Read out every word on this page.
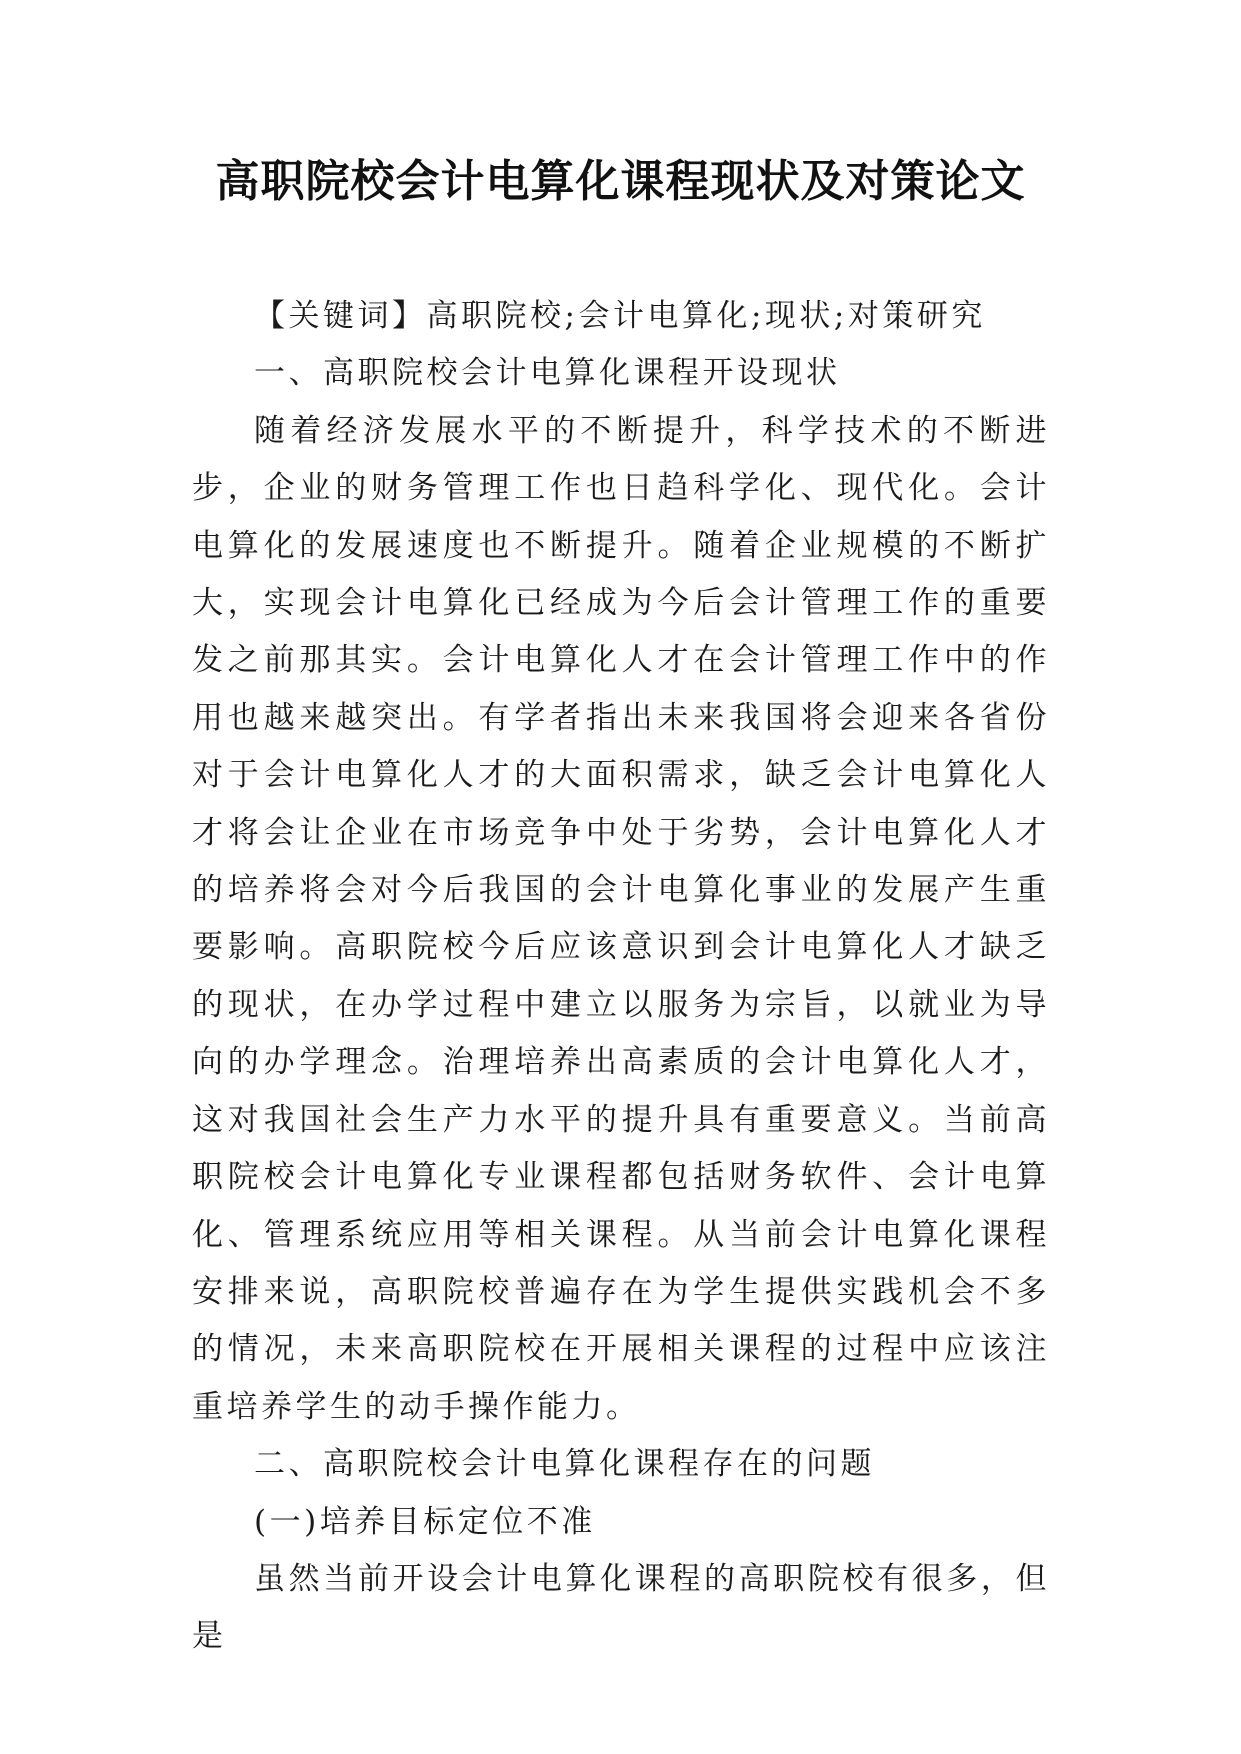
高职院校会计电算化课程现状及对策论文

【关键词】高职院校;会计电算化;现状;对策研究

一、高职院校会计电算化课程开设现状

随着经济发展水平的不断提升，科学技术的不断进步，企业的财务管理工作也日趋科学化、现代化。会计电算化的发展速度也不断提升。随着企业规模的不断扩大，实现会计电算化已经成为今后会计管理工作的重要发之前那其实。会计电算化人才在会计管理工作中的作用也越来越突出。有学者指出未来我国将会迎来各省份对于会计电算化人才的大面积需求，缺乏会计电算化人才将会让企业在市场竞争中处于劣势，会计电算化人才的培养将会对今后我国的会计电算化事业的发展产生重要影响。高职院校今后应该意识到会计电算化人才缺乏的现状，在办学过程中建立以服务为宗旨，以就业为导向的办学理念。治理培养出高素质的会计电算化人才，这对我国社会生产力水平的提升具有重要意义。当前高职院校会计电算化专业课程都包括财务软件、会计电算化、管理系统应用等相关课程。从当前会计电算化课程安排来说，高职院校普遍存在为学生提供实践机会不多的情况，未来高职院校在开展相关课程的过程中应该注重培养学生的动手操作能力。

二、高职院校会计电算化课程存在的问题

(一)培养目标定位不准

虽然当前开设会计电算化课程的高职院校有很多，但是
